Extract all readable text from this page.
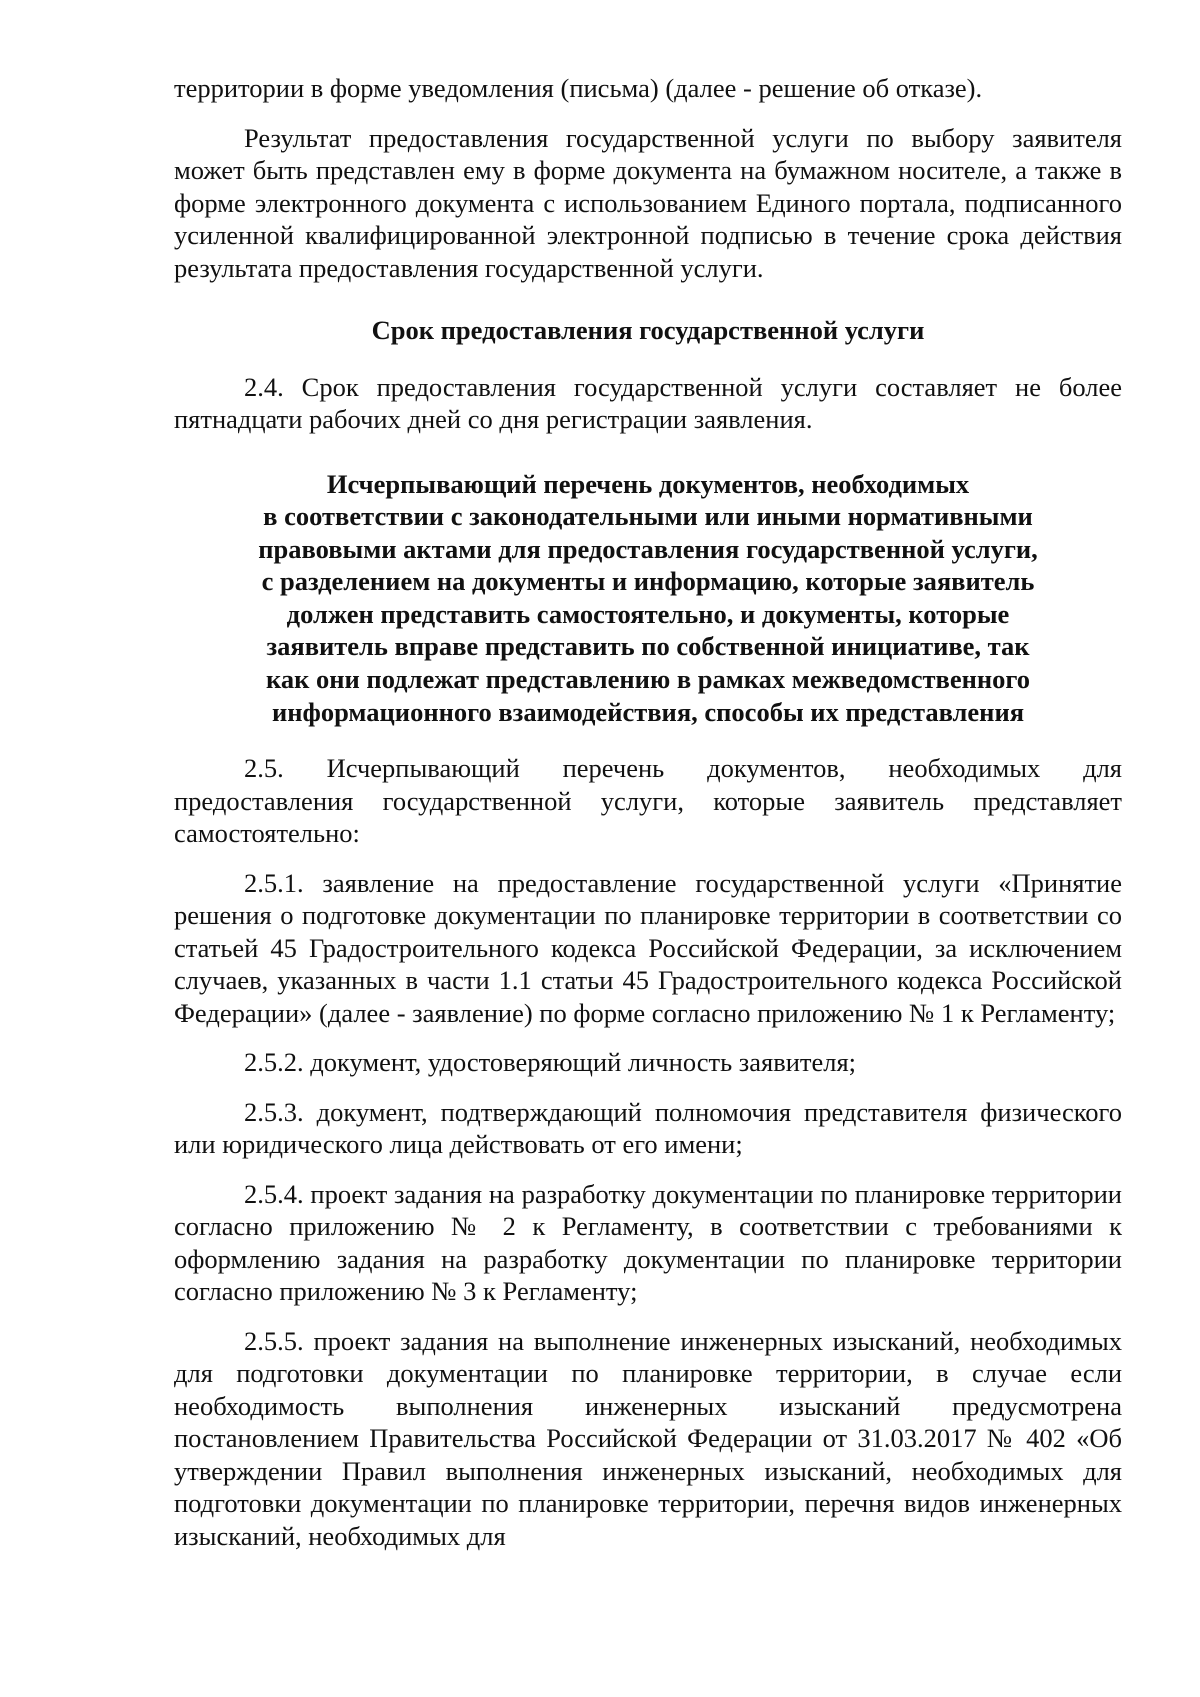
территории в форме уведомления (письма) (далее - решение об отказе).

Результат предоставления государственной услуги по выбору заявителя может быть представлен ему в форме документа на бумажном носителе, а также в форме электронного документа с использованием Единого портала, подписанного усиленной квалифицированной электронной подписью в течение срока действия результата предоставления государственной услуги.

Срок предоставления государственной услуги

2.4. Срок предоставления государственной услуги составляет не более пятнадцати рабочих дней со дня регистрации заявления.

Исчерпывающий перечень документов, необходимых
в соответствии с законодательными или иными нормативными
правовыми актами для предоставления государственной услуги,
с разделением на документы и информацию, которые заявитель
должен представить самостоятельно, и документы, которые
заявитель вправе представить по собственной инициативе, так
как они подлежат представлению в рамках межведомственного
информационного взаимодействия, способы их представления

2.5. Исчерпывающий перечень документов, необходимых для предоставления государственной услуги, которые заявитель представляет самостоятельно:

2.5.1. заявление на предоставление государственной услуги «Принятие решения о подготовке документации по планировке территории в соответствии со статьей 45 Градостроительного кодекса Российской Федерации, за исключением случаев, указанных в части 1.1 статьи 45 Градостроительного кодекса Российской Федерации» (далее - заявление) по форме согласно приложению № 1 к Регламенту;

2.5.2. документ, удостоверяющий личность заявителя;

2.5.3. документ, подтверждающий полномочия представителя физического или юридического лица действовать от его имени;

2.5.4. проект задания на разработку документации по планировке территории согласно приложению № 2 к Регламенту, в соответствии с требованиями к оформлению задания на разработку документации по планировке территории согласно приложению № 3 к Регламенту;

2.5.5. проект задания на выполнение инженерных изысканий, необходимых для подготовки документации по планировке территории, в случае если необходимость выполнения инженерных изысканий предусмотрена постановлением Правительства Российской Федерации от 31.03.2017 № 402 «Об утверждении Правил выполнения инженерных изысканий, необходимых для подготовки документации по планировке территории, перечня видов инженерных изысканий, необходимых для
